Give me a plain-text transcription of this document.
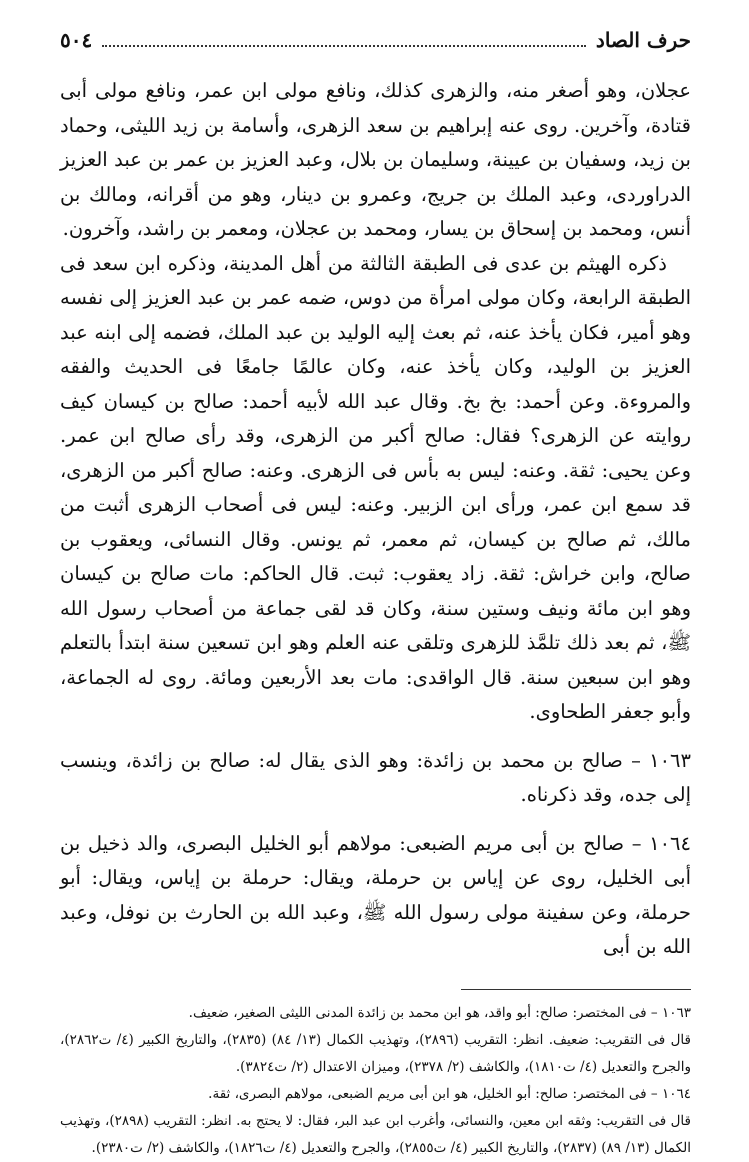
حرف الصاد
٥٠٤

عجلان، وهو أصغر منه، والزهرى كذلك، ونافع مولى ابن عمر، ونافع مولى أبى قتادة، وآخرين. روى عنه إبراهيم بن سعد الزهرى، وأسامة بن زيد الليثى، وحماد بن زيد، وسفيان بن عيينة، وسليمان بن بلال، وعبد العزيز بن عمر بن عبد العزيز الدراوردى، وعبد الملك بن جريج، وعمرو بن دينار، وهو من أقرانه، ومالك بن أنس، ومحمد بن إسحاق بن يسار، ومحمد بن عجلان، ومعمر بن راشد، وآخرون.

ذكره الهيثم بن عدى فى الطبقة الثالثة من أهل المدينة، وذكره ابن سعد فى الطبقة الرابعة، وكان مولى امرأة من دوس، ضمه عمر بن عبد العزيز إلى نفسه وهو أمير، فكان يأخذ عنه، ثم بعث إليه الوليد بن عبد الملك، فضمه إلى ابنه عبد العزيز بن الوليد، وكان يأخذ عنه، وكان عالمًا جامعًا فى الحديث والفقه والمروءة. وعن أحمد: بخ بخ. وقال عبد الله لأبيه أحمد: صالح بن كيسان كيف روايته عن الزهرى؟ فقال: صالح أكبر من الزهرى، وقد رأى صالح ابن عمر. وعن يحيى: ثقة. وعنه: ليس به بأس فى الزهرى. وعنه: صالح أكبر من الزهرى، قد سمع ابن عمر، ورأى ابن الزبير. وعنه: ليس فى أصحاب الزهرى أثبت من مالك، ثم صالح بن كيسان، ثم معمر، ثم يونس. وقال النسائى، ويعقوب بن صالح، وابن خراش: ثقة. زاد يعقوب: ثبت. قال الحاكم: مات صالح بن كيسان وهو ابن مائة ونيف وستين سنة، وكان قد لقى جماعة من أصحاب رسول الله ﷺ، ثم بعد ذلك تلمَّذ للزهرى وتلقى عنه العلم وهو ابن تسعين سنة ابتدأ بالتعلم وهو ابن سبعين سنة. قال الواقدى: مات بعد الأربعين ومائة. روى له الجماعة، وأبو جعفر الطحاوى.

١٠٦٣ – صالح بن محمد بن زائدة: وهو الذى يقال له: صالح بن زائدة، وينسب إلى جده، وقد ذكرناه.

١٠٦٤ – صالح بن أبى مريم الضبعى: مولاهم أبو الخليل البصرى، والد ذخيل بن أبى الخليل، روى عن إياس بن حرملة، ويقال: حرملة بن إياس، ويقال: أبو حرملة، وعن سفينة مولى رسول الله ﷺ، وعبد الله بن الحارث بن نوفل، وعبد الله بن أبى

١٠٦٣ – فى المختصر: صالح: أبو واقد، هو ابن محمد بن زائدة المدنى الليثى الصغير، ضعيف.

قال فى التقريب: ضعيف. انظر: التقريب (٢٨٩٦)، وتهذيب الكمال (١٣/ ٨٤) (٢٨٣٥)، والتاريخ الكبير (٤/ ت٢٨٦٢)، والجرح والتعديل (٤/ ت١٨١٠)، والكاشف (٢/ ٢٣٧٨)، وميزان الاعتدال (٢/ ت٣٨٢٤).

١٠٦٤ – فى المختصر: صالح: أبو الخليل، هو ابن أبى مريم الضبعى، مولاهم البصرى، ثقة.

قال فى التقريب: وثقه ابن معين، والنسائى، وأغرب ابن عبد البر، فقال: لا يحتج به. انظر: التقريب (٢٨٩٨)، وتهذيب الكمال (١٣/ ٨٩) (٢٨٣٧)، والتاريخ الكبير (٤/ ت٢٨٥٥)، والجرح والتعديل (٤/ ت١٨٢٦)، والكاشف (٢/ ت٢٣٨٠).
